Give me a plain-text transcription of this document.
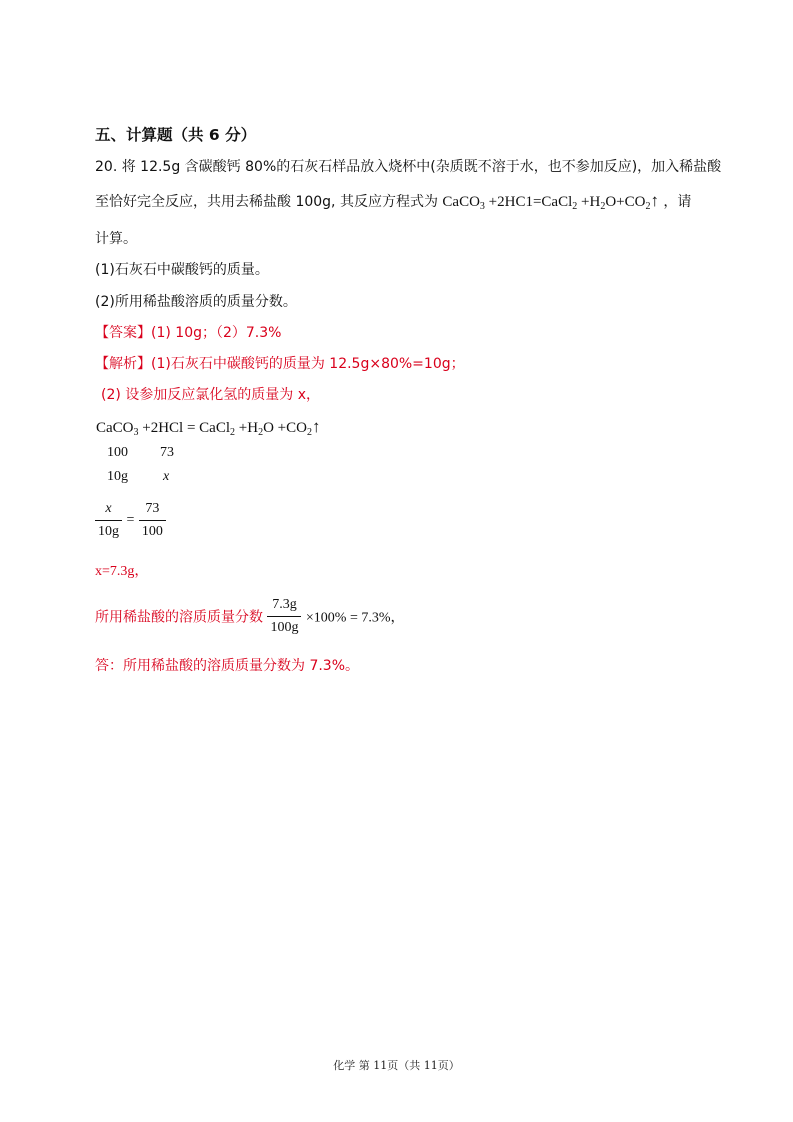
五、计算题（共 6 分）
20. 将 12.5g 含碳酸钙 80%的石灰石样品放入烧杯中(杂质既不溶于水，也不参加反应)，加入稀盐酸
至恰好完全反应，共用去稀盐酸 100g, 其反应方程式为 CaCO$_3$ +2HC1=CaCl$_2$ $+H_2O+CO_2↑$ ，请
计算。
(1)石灰石中碳酸钙的质量。
(2)所用稀盐酸溶质的质量分数。
【答案】(1) 10g；（2）7.3%
【解析】(1)石灰石中碳酸钙的质量为 12.5g×80%=10g；
(2) 设参加反应氯化氢的质量为 x，
CaCO$_3$ +2HCl = CaCl$_2$ $+H_2O$ $+CO_2↑$
100 73
10g	x
$\frac{x}{10g} = \frac{73}{100}$
x=7.3g，
所用稀盐酸的溶质质量分数 $\frac{7.3g}{100g} \times 100\% = 7.3\%$，
答：所用稀盐酸的溶质质量分数为 7.3%。
化学 第 11页（共 11页）
